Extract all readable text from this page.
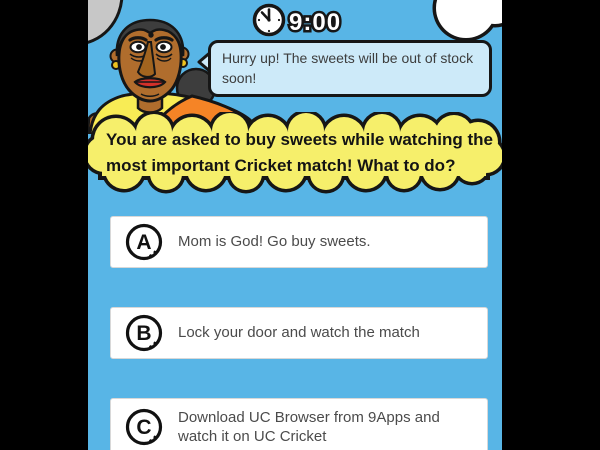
9:00
Hurry up! The sweets will be out of stock
soon!
You are asked to buy sweets while watching the
most important Cricket match! What to do?
A Mom is God! Go buy sweets.
B Lock your door and watch the match
C Download UC Browser from 9Apps and watch it on UC Cricket
